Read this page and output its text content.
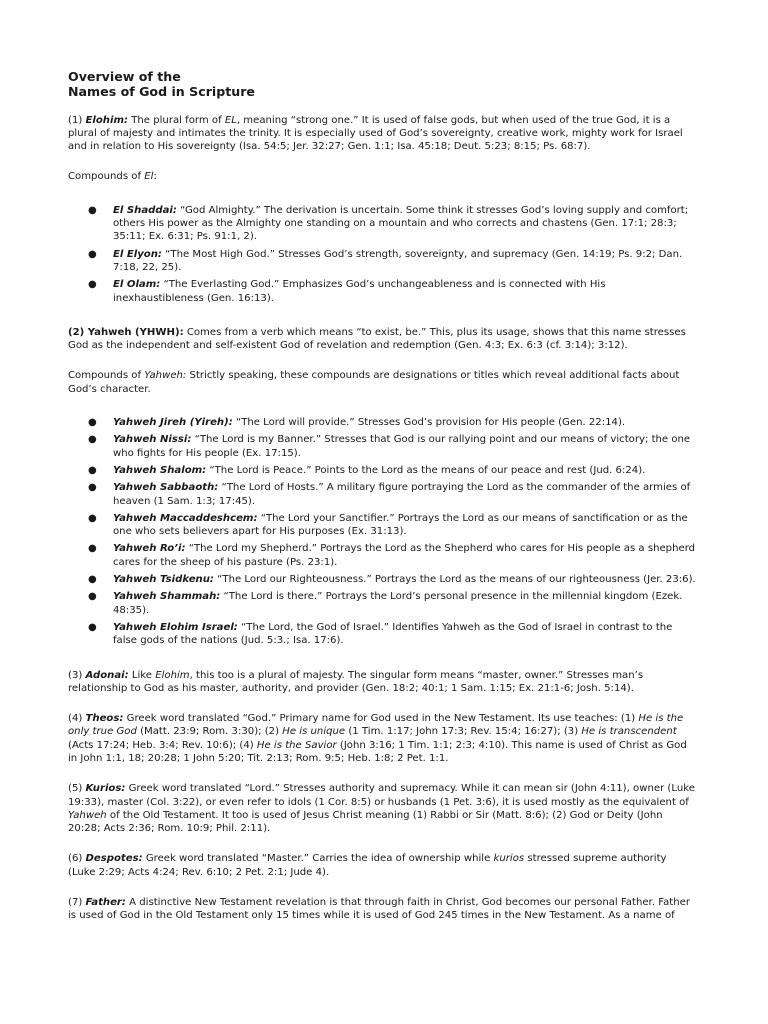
Overview of the
Names of God in Scripture

(1) Elohim: The plural form of EL, meaning “strong one.” It is used of false gods, but when used of the true God, it is a plural of majesty and intimates the trinity. It is especially used of God’s sovereignty, creative work, mighty work for Israel and in relation to His sovereignty (Isa. 54:5; Jer. 32:27; Gen. 1:1; Isa. 45:18; Deut. 5:23; 8:15; Ps. 68:7).

Compounds of El:

● El Shaddai: “God Almighty.” The derivation is uncertain. Some think it stresses God’s loving supply and comfort; others His power as the Almighty one standing on a mountain and who corrects and chastens (Gen. 17:1; 28:3; 35:11; Ex. 6:31; Ps. 91:1, 2).
● El Elyon: “The Most High God.” Stresses God’s strength, sovereignty, and supremacy (Gen. 14:19; Ps. 9:2; Dan. 7:18, 22, 25).
● El Olam: “The Everlasting God.” Emphasizes God’s unchangeableness and is connected with His inexhaustibleness (Gen. 16:13).

(2) Yahweh (YHWH): Comes from a verb which means “to exist, be.” This, plus its usage, shows that this name stresses God as the independent and self-existent God of revelation and redemption (Gen. 4:3; Ex. 6:3 (cf. 3:14); 3:12).

Compounds of Yahweh: Strictly speaking, these compounds are designations or titles which reveal additional facts about God’s character.

● Yahweh Jireh (Yireh): “The Lord will provide.” Stresses God’s provision for His people (Gen. 22:14).
● Yahweh Nissi: “The Lord is my Banner.” Stresses that God is our rallying point and our means of victory; the one who fights for His people (Ex. 17:15).
● Yahweh Shalom: “The Lord is Peace.” Points to the Lord as the means of our peace and rest (Jud. 6:24).
● Yahweh Sabbaoth: “The Lord of Hosts.” A military figure portraying the Lord as the commander of the armies of heaven (1 Sam. 1:3; 17:45).
● Yahweh Maccaddeshcem: “The Lord your Sanctifier.” Portrays the Lord as our means of sanctification or as the one who sets believers apart for His purposes (Ex. 31:13).
● Yahweh Ro’i: “The Lord my Shepherd.” Portrays the Lord as the Shepherd who cares for His people as a shepherd cares for the sheep of his pasture (Ps. 23:1).
● Yahweh Tsidkenu: “The Lord our Righteousness.” Portrays the Lord as the means of our righteousness (Jer. 23:6).
● Yahweh Shammah: “The Lord is there.” Portrays the Lord’s personal presence in the millennial kingdom (Ezek. 48:35).
● Yahweh Elohim Israel: “The Lord, the God of Israel.” Identifies Yahweh as the God of Israel in contrast to the false gods of the nations (Jud. 5:3.; Isa. 17:6).

(3) Adonai: Like Elohim, this too is a plural of majesty. The singular form means “master, owner.” Stresses man’s relationship to God as his master, authority, and provider (Gen. 18:2; 40:1; 1 Sam. 1:15; Ex. 21:1-6; Josh. 5:14).

(4) Theos: Greek word translated “God.” Primary name for God used in the New Testament. Its use teaches: (1) He is the only true God (Matt. 23:9; Rom. 3:30); (2) He is unique (1 Tim. 1:17; John 17:3; Rev. 15:4; 16:27); (3) He is transcendent (Acts 17:24; Heb. 3:4; Rev. 10:6); (4) He is the Savior (John 3:16; 1 Tim. 1:1; 2:3; 4:10). This name is used of Christ as God in John 1:1, 18; 20:28; 1 John 5:20; Tit. 2:13; Rom. 9:5; Heb. 1:8; 2 Pet. 1:1.

(5) Kurios: Greek word translated “Lord.” Stresses authority and supremacy. While it can mean sir (John 4:11), owner (Luke 19:33), master (Col. 3:22), or even refer to idols (1 Cor. 8:5) or husbands (1 Pet. 3:6), it is used mostly as the equivalent of Yahweh of the Old Testament. It too is used of Jesus Christ meaning (1) Rabbi or Sir (Matt. 8:6); (2) God or Deity (John 20:28; Acts 2:36; Rom. 10:9; Phil. 2:11).

(6) Despotes: Greek word translated “Master.” Carries the idea of ownership while kurios stressed supreme authority (Luke 2:29; Acts 4:24; Rev. 6:10; 2 Pet. 2:1; Jude 4).

(7) Father: A distinctive New Testament revelation is that through faith in Christ, God becomes our personal Father. Father is used of God in the Old Testament only 15 times while it is used of God 245 times in the New Testament. As a name of
